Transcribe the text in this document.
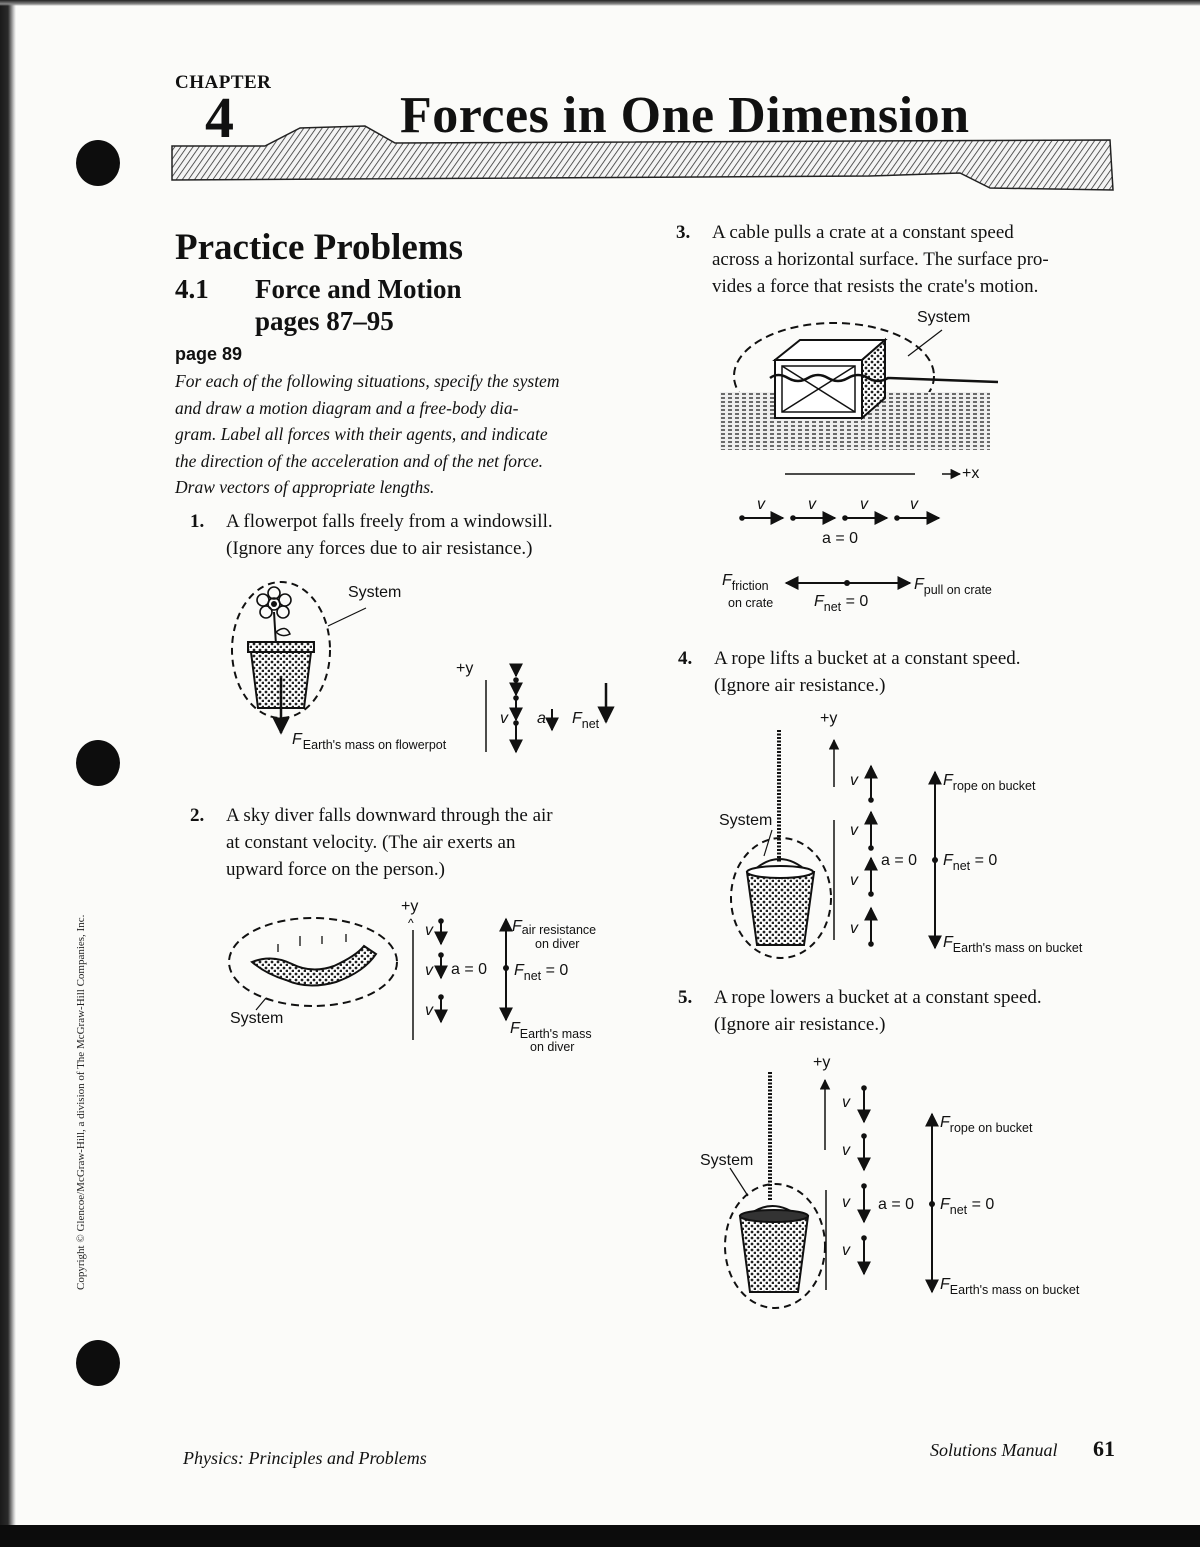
Copyright © Glencoe/McGraw-Hill, a division of The McGraw-Hill Companies, Inc.
CHAPTER
4	Forces in One Dimension
Practice Problems
4.1 Force and Motion
pages 87–95
page 89
For each of the following situations, specify the system
and draw a motion diagram and a free-body dia-
gram. Label all forces with their agents, and indicate
the direction of the acceleration and of the net force.
Draw vectors of appropriate lengths.
1. A flowerpot falls freely from a windowsill.
(Ignore any forces due to air resistance.)
2. A sky diver falls downward through the air
at constant velocity. (The air exerts an
upward force on the person.)
3. A cable pulls a crate at a constant speed
across a horizontal surface. The surface pro-
vides a force that resists the crate's motion.
4. A rope lifts a bucket at a constant speed.
(Ignore air resistance.)
5. A rope lowers a bucket at a constant speed.
(Ignore air resistance.)
^
System
$F_{Earth's mass on flowerpot}$
+y
v a $F_{net}$
System
+y
v
v
v
a = 0
Fair resistance
on diver
$F_{net} = 0$
$F_{Earth's mass}$
on diver
System
+x
v	v	v	v
a = 0
$F_{friction}$
on crate	$F_{net} = 0$
$F_{pull on crate}$
+y
System
v
v
v
v
a = 0
$F_{rope on bucket}$
$F_{net} = 0$
$F_{Earth's mass on bucket}$
+y
System
v
v
v
v
a = 0
$F_{rope on bucket}$
$F_{net} = 0$
$F_{Earth's mass on bucket}$
Physics: Principles and Problems	Solutions Manual 61
